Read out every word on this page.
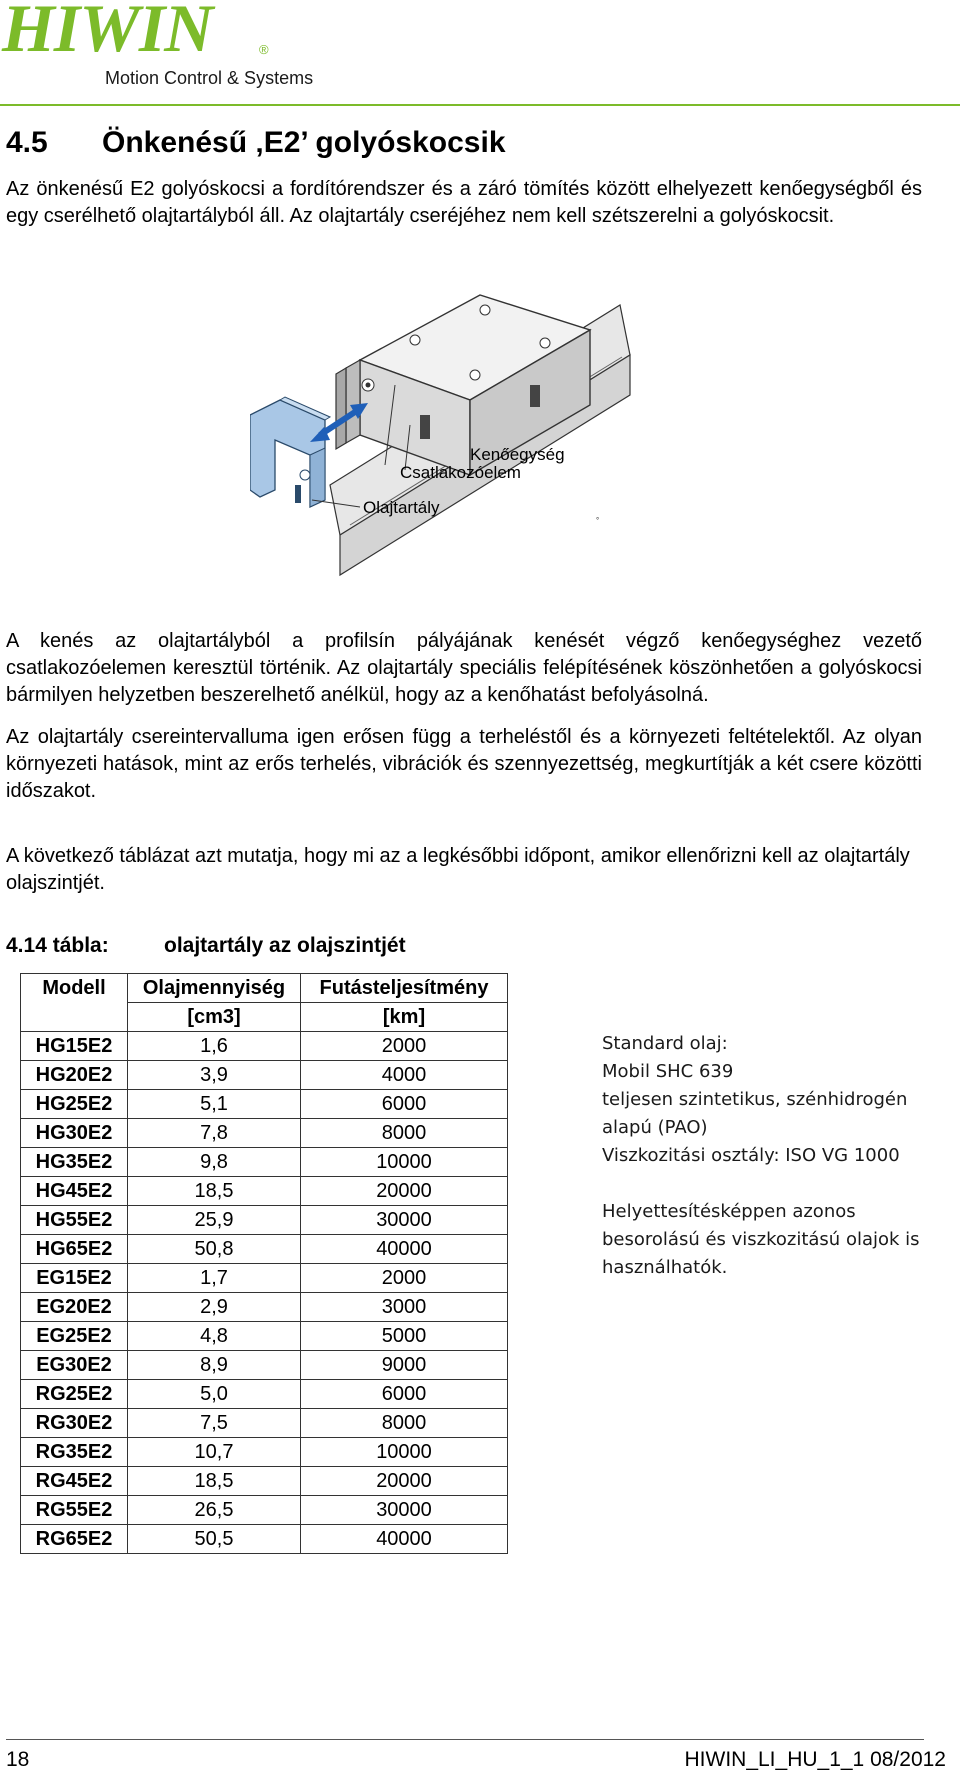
HIWIN	®
Motion Control & Systems
4.5 Önkenésű ‚E2’ golyóskocsik

Az önkenésű E2 golyóskocsi a fordítórendszer és a záró tömítés között elhelyezett kenőegységből és egy cserélhető olajtartályból áll. Az olajtartály cseréjéhez nem kell szétszerelni a golyóskocsit.

°
Kenőegység
Csatlakozóelem
Olajtartály

A kenés az olajtartályból a profilsín pályájának kenését végző kenőegységhez vezető csatlakozóelemen keresztül történik. Az olajtartály speciális felépítésének köszönhetően a golyóskocsi bármilyen helyzetben beszerelhető anélkül, hogy az a kenőhatást befolyásolná.

Az olajtartály csereintervalluma igen erősen függ a terheléstől és a környezeti feltételektől. Az olyan környezeti hatások, mint az erős terhelés, vibrációk és szennyezettség, megkurtítják a két csere közötti időszakot.

A következő táblázat azt mutatja, hogy mi az a legkésőbbi időpont, amikor ellenőrizni kell az olajtartály olajszintjét.

4.14 tábla:	olajtartály az olajszintjét
Modell	Olajmennyiség	Futásteljesítmény
	[cm3]	[km]
HG15E2	1,6	2000
HG20E2	3,9	4000
HG25E2	5,1	6000
HG30E2	7,8	8000
HG35E2	9,8	10000
HG45E2	18,5	20000
HG55E2	25,9	30000
HG65E2	50,8	40000
EG15E2	1,7	2000
EG20E2	2,9	3000
EG25E2	4,8	5000
EG30E2	8,9	9000
RG25E2	5,0	6000
RG30E2	7,5	8000
RG35E2	10,7	10000
RG45E2	18,5	20000
RG55E2	26,5	30000
RG65E2	50,5	40000
Standard olaj:
Mobil SHC 639
teljesen szintetikus, szénhidrogén alapú (PAO)
Viszkozitási osztály: ISO VG 1000
Helyettesítésképpen azonos besorolású és viszkozitású olajok is használhatók.
18	HIWIN_LI_HU_1_1 08/2012
